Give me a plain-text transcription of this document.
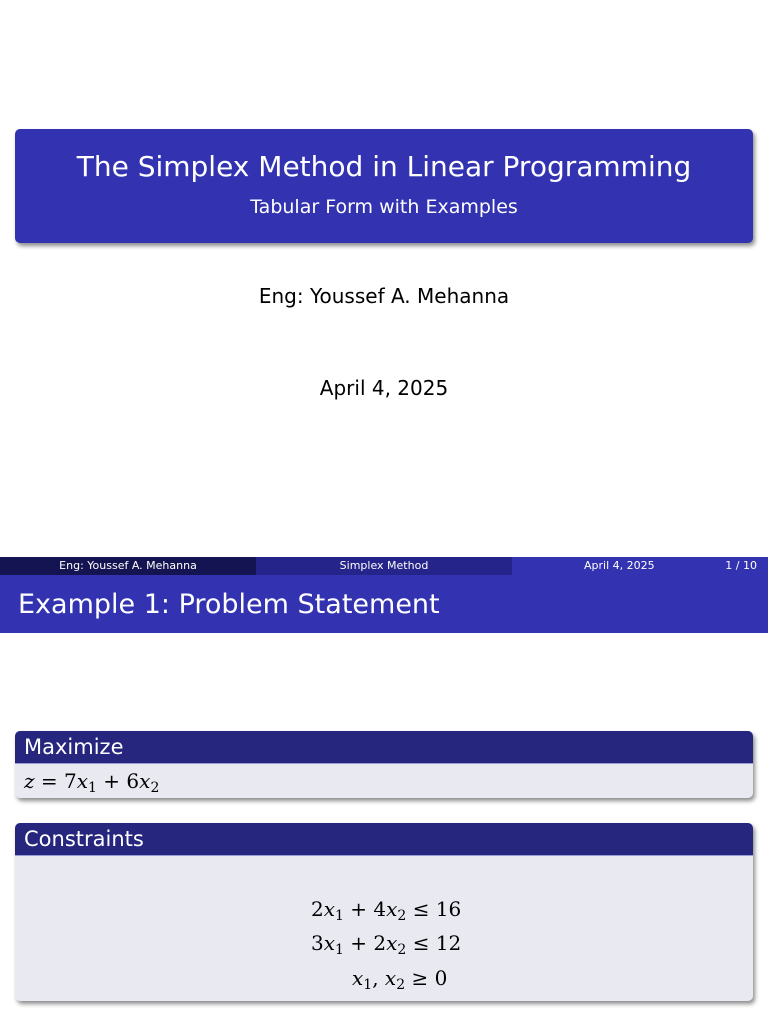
The Simplex Method in Linear Programming
Tabular Form with Examples
Eng: Youssef A. Mehanna
April 4, 2025
Eng: Youssef A. Mehanna	Simplex Method	April 4, 2025	1 / 10
Example 1: Problem Statement
Maximize
$z = 7x_1 + 6x_2$
Constraints
$2x_1 + 4x_2 \le 16$
$3x_1 + 2x_2 \le 12$
$x_1$, $x_2 \ge 0$
